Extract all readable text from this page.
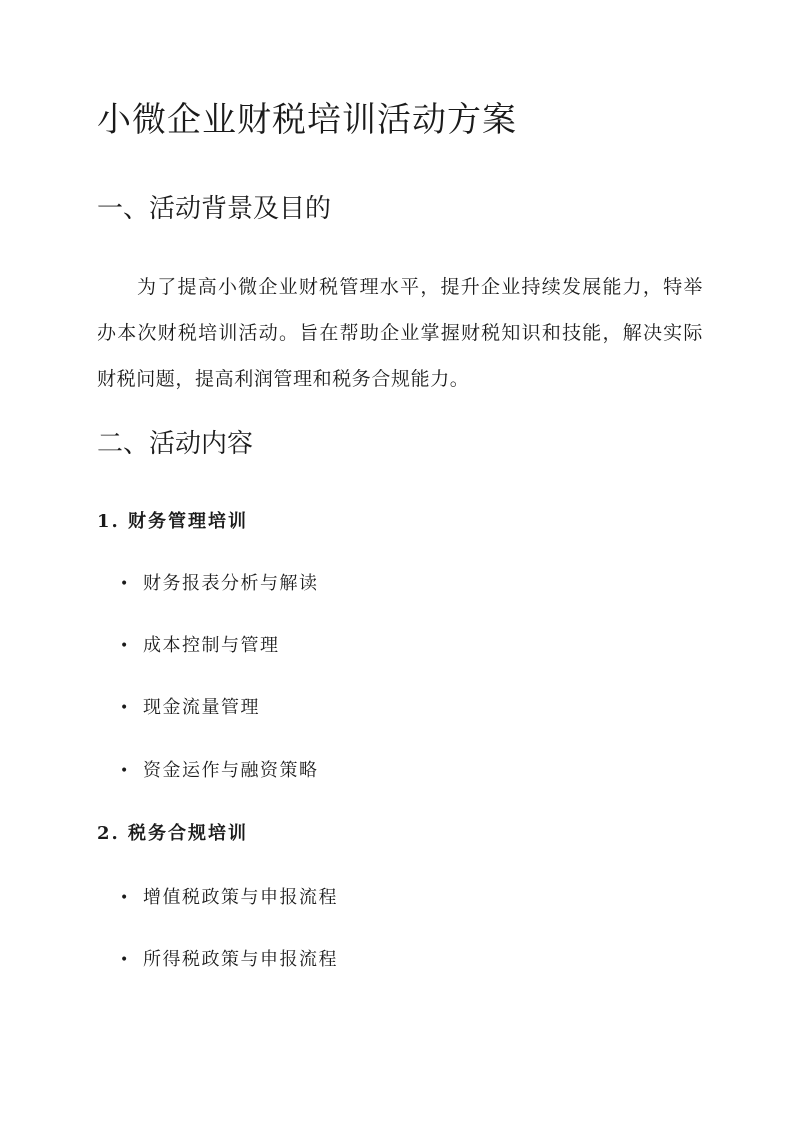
小微企业财税培训活动方案
一、活动背景及目的

为了提高小微企业财税管理水平，提升企业持续发展能力，特举办本次财税培训活动。旨在帮助企业掌握财税知识和技能，解决实际财税问题，提高利润管理和税务合规能力。

二、活动内容
1. 财务管理培训
• 财务报表分析与解读
• 成本控制与管理
• 现金流量管理
• 资金运作与融资策略
2. 税务合规培训
• 增值税政策与申报流程
• 所得税政策与申报流程
